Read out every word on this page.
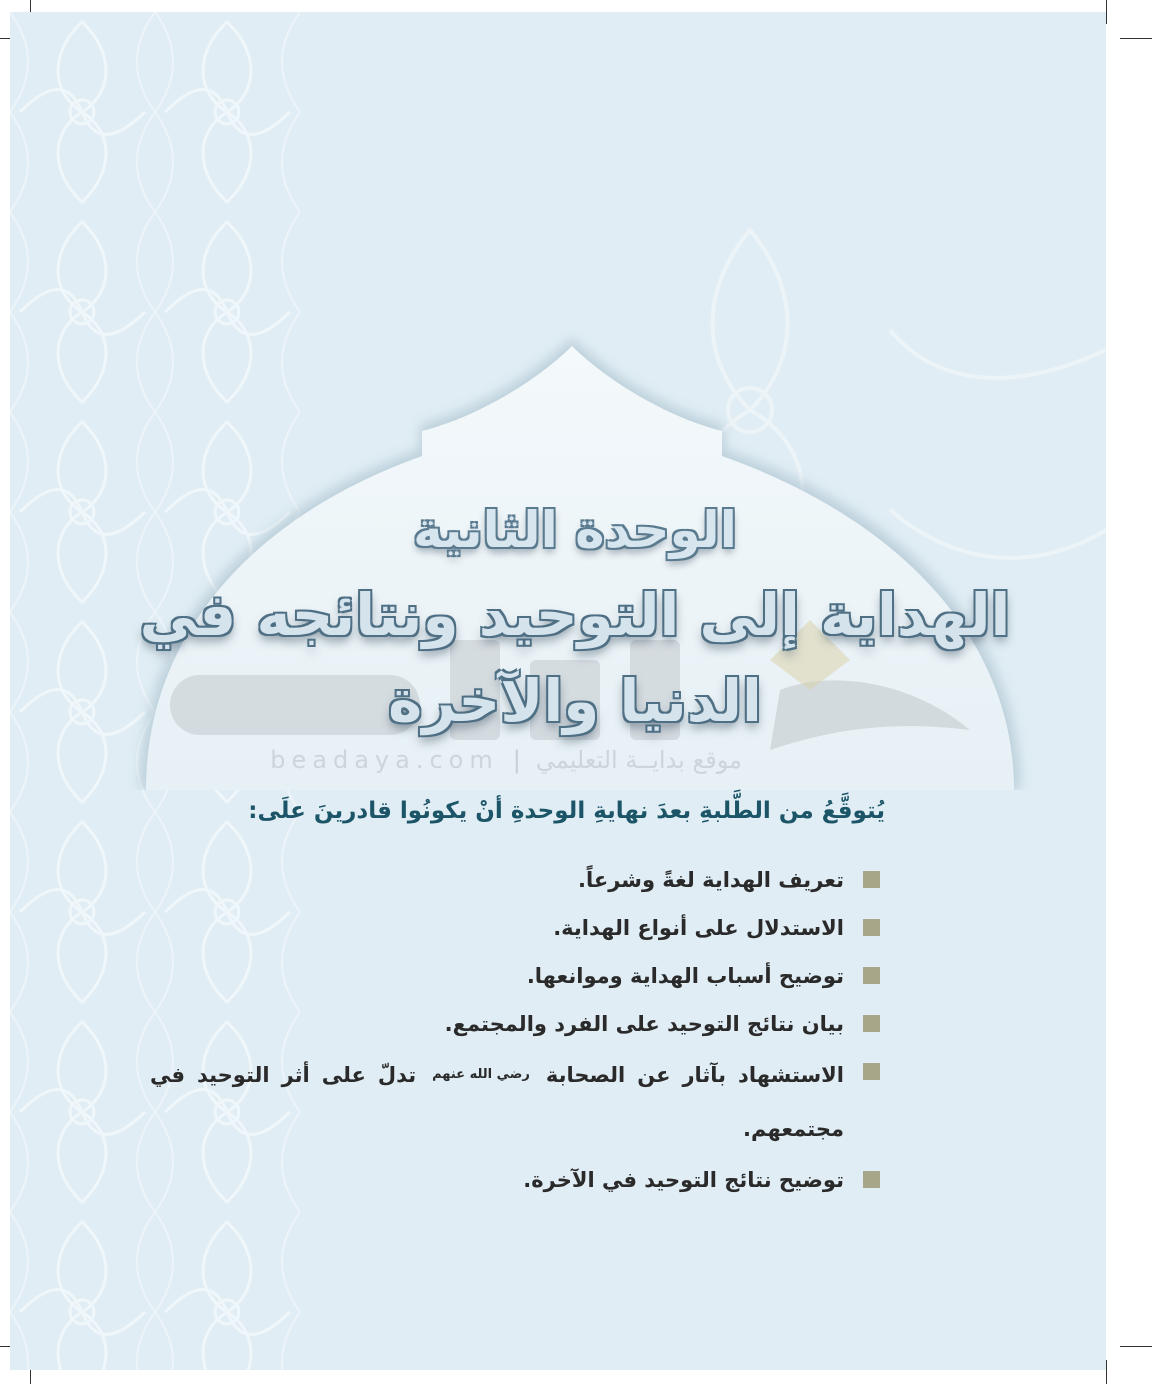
beadaya.com | موقع بدايــة التعليمي
الوحدة الثانية
الهداية إلى التوحيد ونتائجه في
الدنيا والآخرة
يُتوقَّعُ من الطَّلبةِ بعدَ نهايةِ الوحدةِ أنْ يكونُوا قادرينَ علَى:
تعريف الهداية لغةً وشرعاً.
الاستدلال على أنواع الهداية.
توضيح أسباب الهداية وموانعها.
بيان نتائج التوحيد على الفرد والمجتمع.
الاستشهاد بآثار عن الصحابة رضي الله عنهم تدلّ على أثر التوحيد في مجتمعهم.
توضيح نتائج التوحيد في الآخرة.
